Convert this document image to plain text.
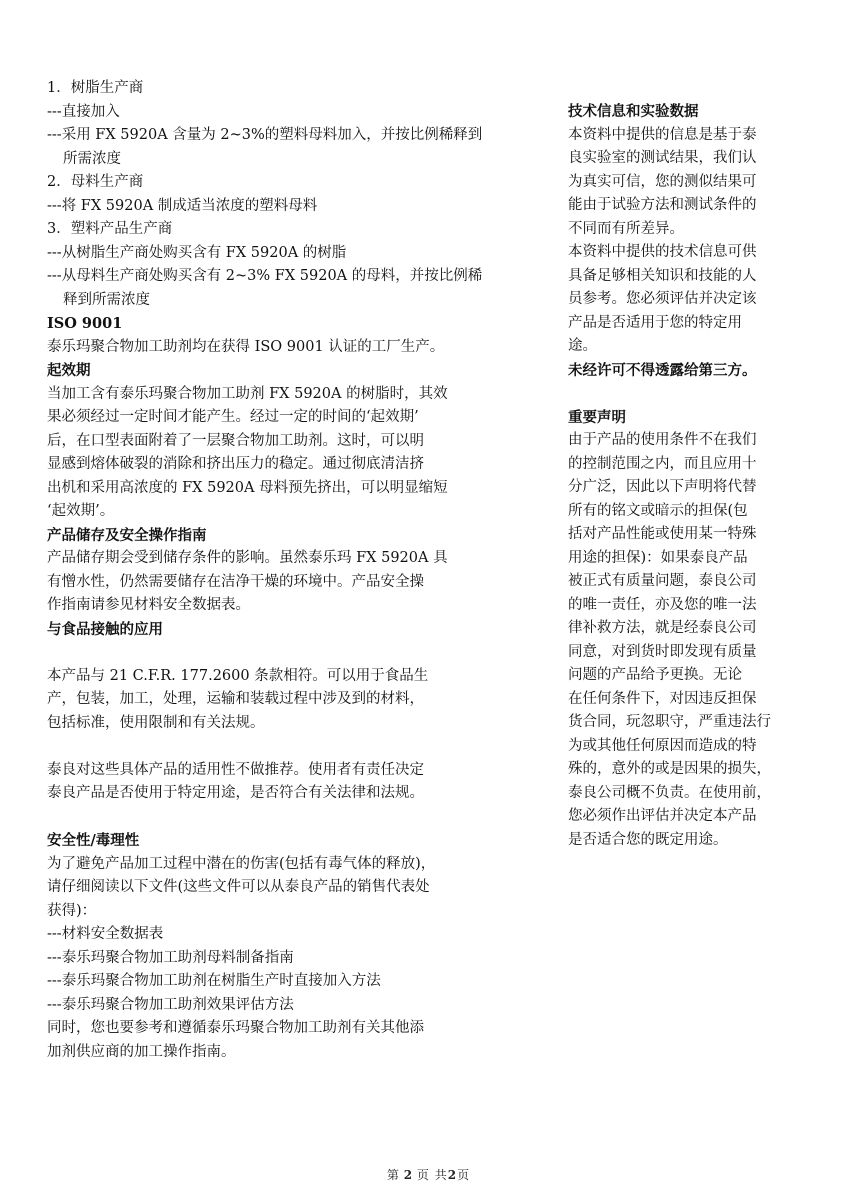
1．树脂生产商
---直接加入
---采用 FX 5920A 含量为 2~3%的塑料母料加入，并按比例稀释到
所需浓度
2．母料生产商
---将 FX 5920A 制成适当浓度的塑料母料
3．塑料产品生产商
---从树脂生产商处购买含有 FX 5920A 的树脂
---从母料生产商处购买含有 2~3% FX 5920A 的母料，并按比例稀
释到所需浓度
ISO 9001
泰乐玛聚合物加工助剂均在获得 ISO 9001 认证的工厂生产。
起效期
当加工含有泰乐玛聚合物加工助剂 FX 5920A 的树脂时，其效
果必须经过一定时间才能产生。经过一定的时间的‘起效期’
后，在口型表面附着了一层聚合物加工助剂。这时，可以明
显感到熔体破裂的消除和挤出压力的稳定。通过彻底清洁挤
出机和采用高浓度的 FX 5920A 母料预先挤出，可以明显缩短
‘起效期’。
产品储存及安全操作指南
产品储存期会受到储存条件的影响。虽然泰乐玛 FX 5920A 具
有憎水性，仍然需要储存在洁净干燥的环境中。产品安全操
作指南请参见材料安全数据表。
与食品接触的应用
本产品与 21 C.F.R. 177.2600 条款相符。可以用于食品生
产，包装，加工，处理，运输和装载过程中涉及到的材料，
包括标准，使用限制和有关法规。
泰良对这些具体产品的适用性不做推荐。使用者有责任决定
泰良产品是否使用于特定用途，是否符合有关法律和法规。
安全性/毒理性
为了避免产品加工过程中潜在的伤害(包括有毒气体的释放)，
请仔细阅读以下文件(这些文件可以从泰良产品的销售代表处
获得)：
---材料安全数据表
---泰乐玛聚合物加工助剂母料制备指南
---泰乐玛聚合物加工助剂在树脂生产时直接加入方法
---泰乐玛聚合物加工助剂效果评估方法
同时，您也要参考和遵循泰乐玛聚合物加工助剂有关其他添
加剂供应商的加工操作指南。
技术信息和实验数据
本资料中提供的信息是基于泰
良实验室的测试结果，我们认
为真实可信，您的测似结果可
能由于试验方法和测试条件的
不同而有所差异。
本资料中提供的技术信息可供
具备足够相关知识和技能的人
员参考。您必须评估并决定该
产品是否适用于您的特定用
途。
未经许可不得透露给第三方。
重要声明
由于产品的使用条件不在我们
的控制范围之内，而且应用十
分广泛，因此以下声明将代替
所有的铭文或暗示的担保(包
括对产品性能或使用某一特殊
用途的担保)：如果泰良产品
被正式有质量问题，泰良公司
的唯一责任，亦及您的唯一法
律补救方法，就是经泰良公司
同意，对到货时即发现有质量
问题的产品给予更换。无论
在任何条件下，对因违反担保
货合同，玩忽职守，严重违法行
为或其他任何原因而造成的特
殊的，意外的或是因果的损失，
泰良公司概不负责。在使用前，
您必须作出评估并决定本产品
是否适合您的既定用途。
第 2 页 共2页
